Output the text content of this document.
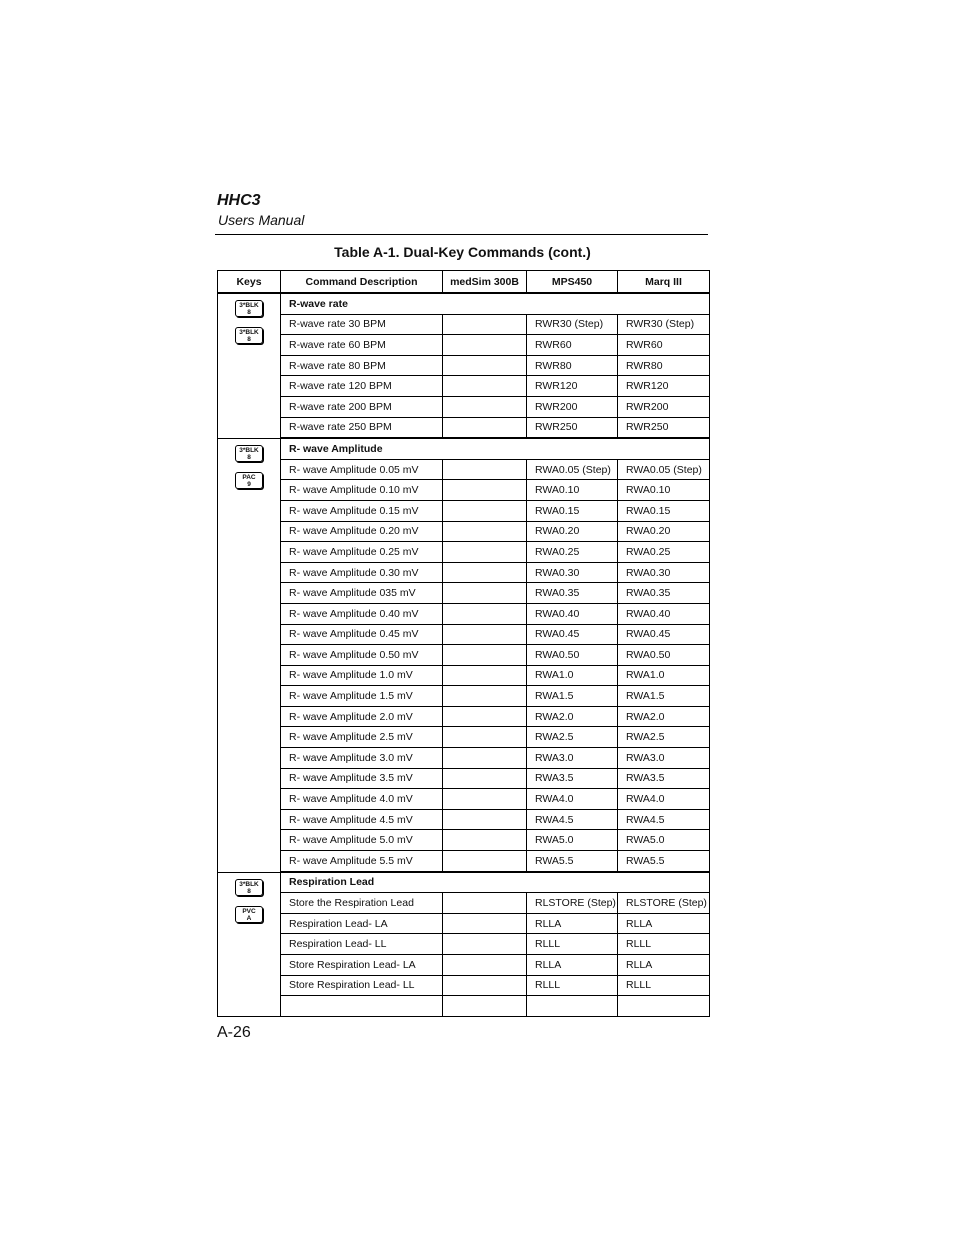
HHC3
Users Manual
Table A-1. Dual-Key Commands (cont.)
Keys	Command Description	medSim 300B	MPS450	Marq III

3*BLK
8
3*BLK
8	R-wave rate			
	R-wave rate 30 BPM		RWR30 (Step)	RWR30 (Step)
	R-wave rate 60 BPM		RWR60	RWR60
	R-wave rate 80 BPM		RWR80	RWR80
	R-wave rate 120 BPM		RWR120	RWR120
	R-wave rate 200 BPM		RWR200	RWR200
	R-wave rate 250 BPM		RWR250	RWR250

3*BLK
8
PAC
9	R- wave Amplitude			
	R- wave Amplitude 0.05 mV		RWA0.05 (Step)	RWA0.05 (Step)
	R- wave Amplitude 0.10 mV		RWA0.10	RWA0.10
	R- wave Amplitude 0.15 mV		RWA0.15	RWA0.15
	R- wave Amplitude 0.20 mV		RWA0.20	RWA0.20
	R- wave Amplitude 0.25 mV		RWA0.25	RWA0.25
	R- wave Amplitude 0.30 mV		RWA0.30	RWA0.30
	R- wave Amplitude 035 mV		RWA0.35	RWA0.35
	R- wave Amplitude 0.40 mV		RWA0.40	RWA0.40
	R- wave Amplitude 0.45 mV		RWA0.45	RWA0.45
	R- wave Amplitude 0.50 mV		RWA0.50	RWA0.50
	R- wave Amplitude 1.0 mV		RWA1.0	RWA1.0
	R- wave Amplitude 1.5 mV		RWA1.5	RWA1.5
	R- wave Amplitude 2.0 mV		RWA2.0	RWA2.0
	R- wave Amplitude 2.5 mV		RWA2.5	RWA2.5
	R- wave Amplitude 3.0 mV		RWA3.0	RWA3.0
	R- wave Amplitude 3.5 mV		RWA3.5	RWA3.5
	R- wave Amplitude 4.0 mV		RWA4.0	RWA4.0
	R- wave Amplitude 4.5 mV		RWA4.5	RWA4.5
	R- wave Amplitude 5.0 mV		RWA5.0	RWA5.0
	R- wave Amplitude 5.5 mV		RWA5.5	RWA5.5

3*BLK
8
PVC
A	Respiration Lead			
	Store the Respiration Lead		RLSTORE (Step)	RLSTORE (Step)
	Respiration Lead- LA		RLLA	RLLA
	Respiration Lead- LL		RLLL	RLLL
	Store Respiration Lead- LA		RLLA	RLLA
	Store Respiration Lead- LL		RLLL	RLLL

A-26
